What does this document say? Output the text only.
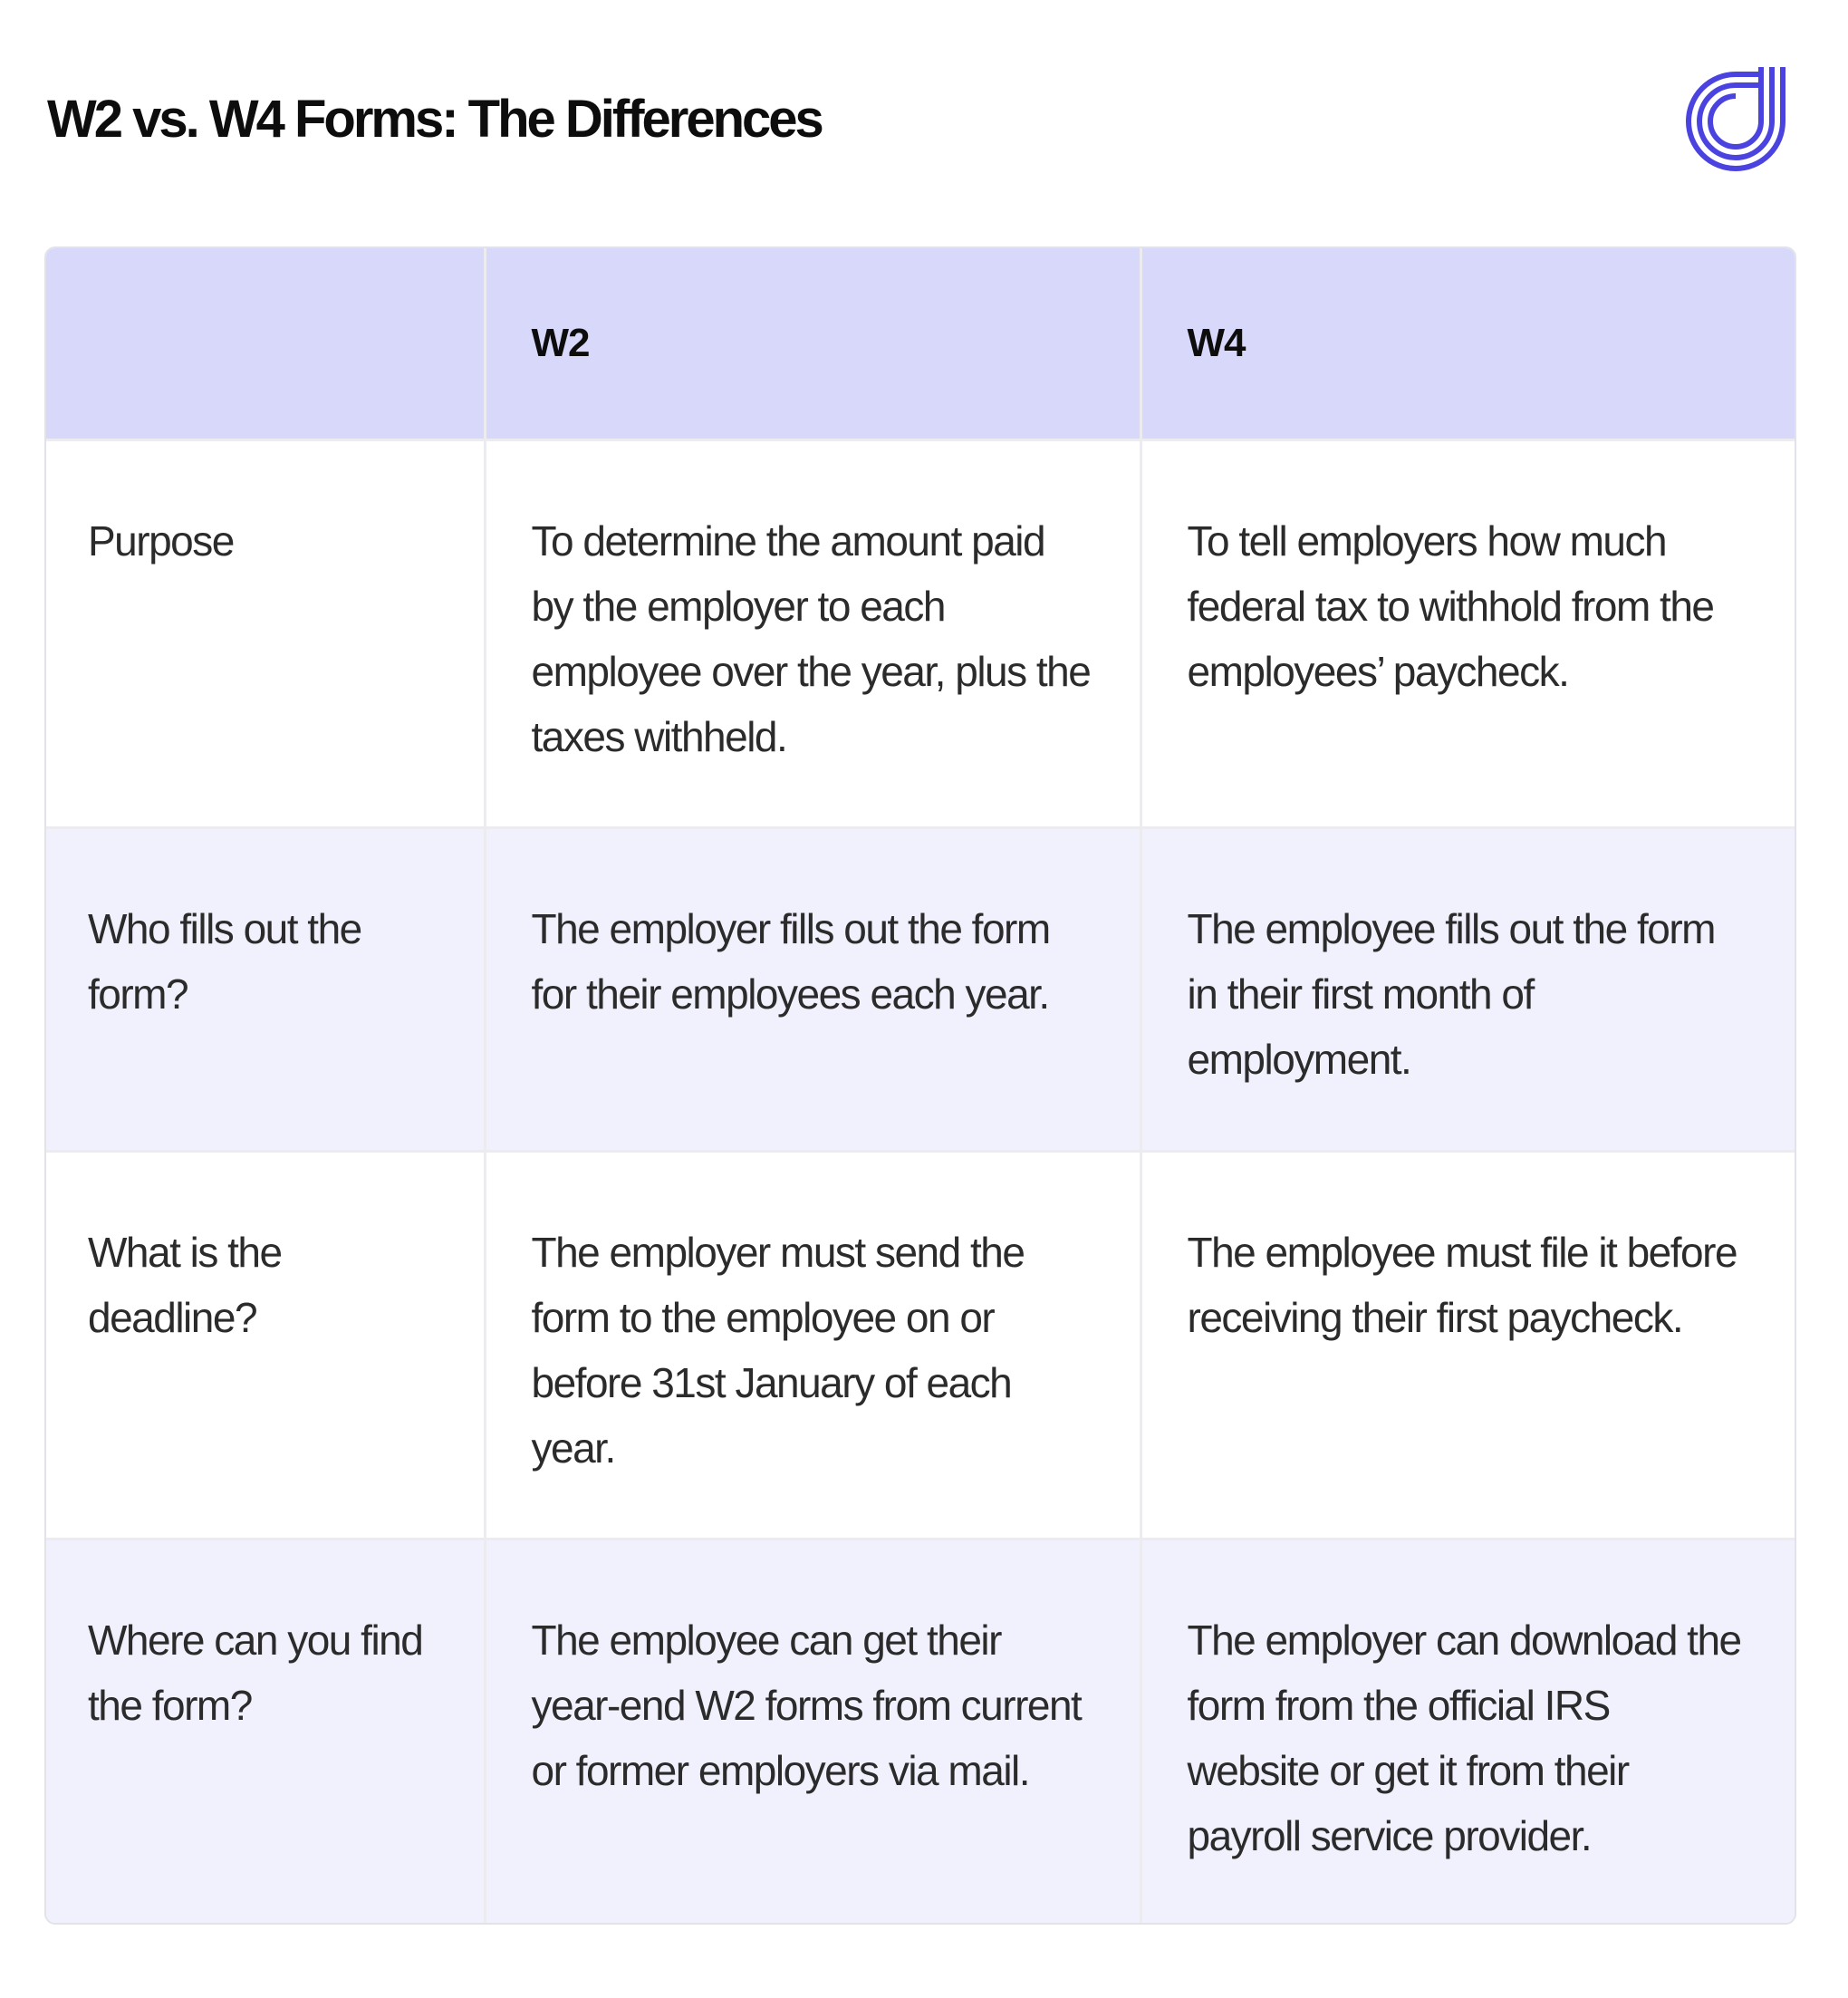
W2 vs. W4 Forms: The Differences
	W2	W4
Purpose	To determine the amount paid by the employer to each employee over the year, plus the taxes withheld.	To tell employers how much federal tax to withhold from the employees’ paycheck.
Who fills out the form?	The employer fills out the form for their employees each year.	The employee fills out the form in their first month of employment.
What is the deadline?	The employer must send the form to the employee on or before 31st January of each year.	The employee must file it before receiving their first paycheck.
Where can you find the form?	The employee can get their year-end W2 forms from current or former employers via mail.	The employer can download the form from the official IRS website or get it from their payroll service provider.
